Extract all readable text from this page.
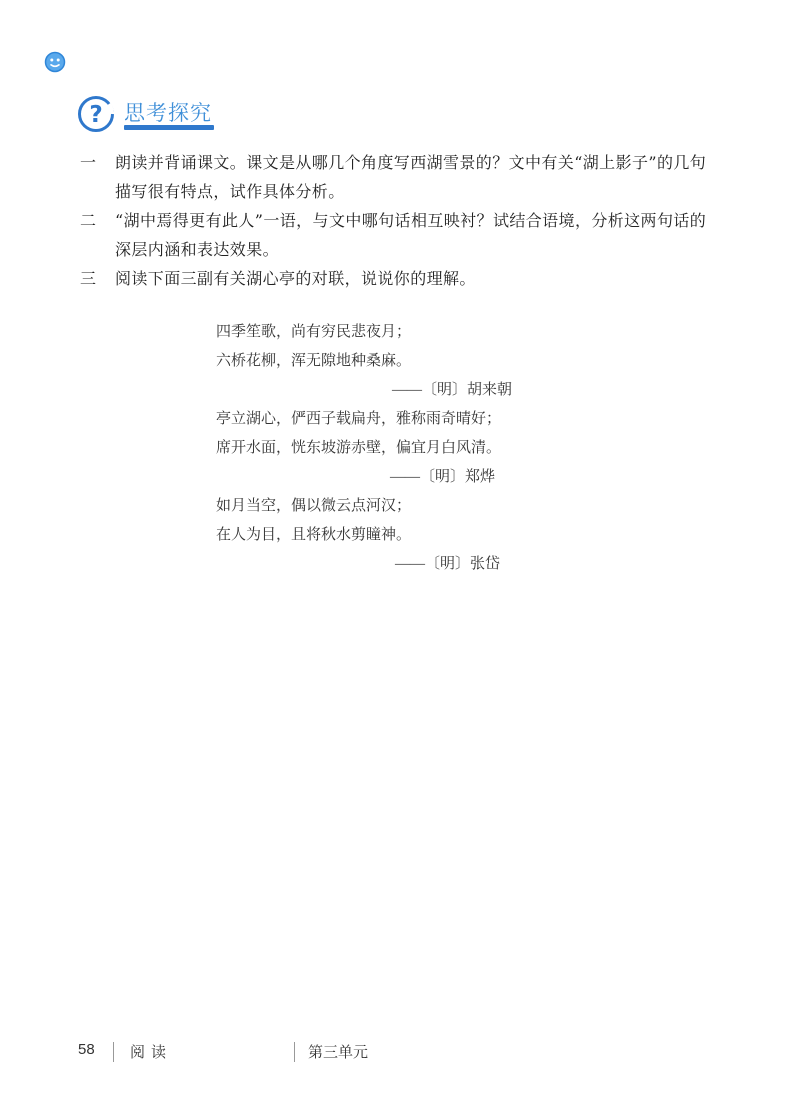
? 思考探究
一 朗读并背诵课文。课文是从哪几个角度写西湖雪景的？文中有关“湖上影子”的几句描写很有特点，试作具体分析。
二 “湖中焉得更有此人”一语，与文中哪句话相互映衬？试结合语境，分析这两句话的深层内涵和表达效果。
三 阅读下面三副有关湖心亭的对联，说说你的理解。
四季笙歌，尚有穷民悲夜月；
六桥花柳，浑无隙地种桑麻。
——〔明〕胡来朝
亭立湖心，俨西子载扁舟，雅称雨奇晴好；
席开水面，恍东坡游赤壁，偏宜月白风清。
——〔明〕郑烨
如月当空，偶以微云点河汉；
在人为目，且将秋水剪瞳神。
——〔明〕张岱
58 阅读	第三单元
